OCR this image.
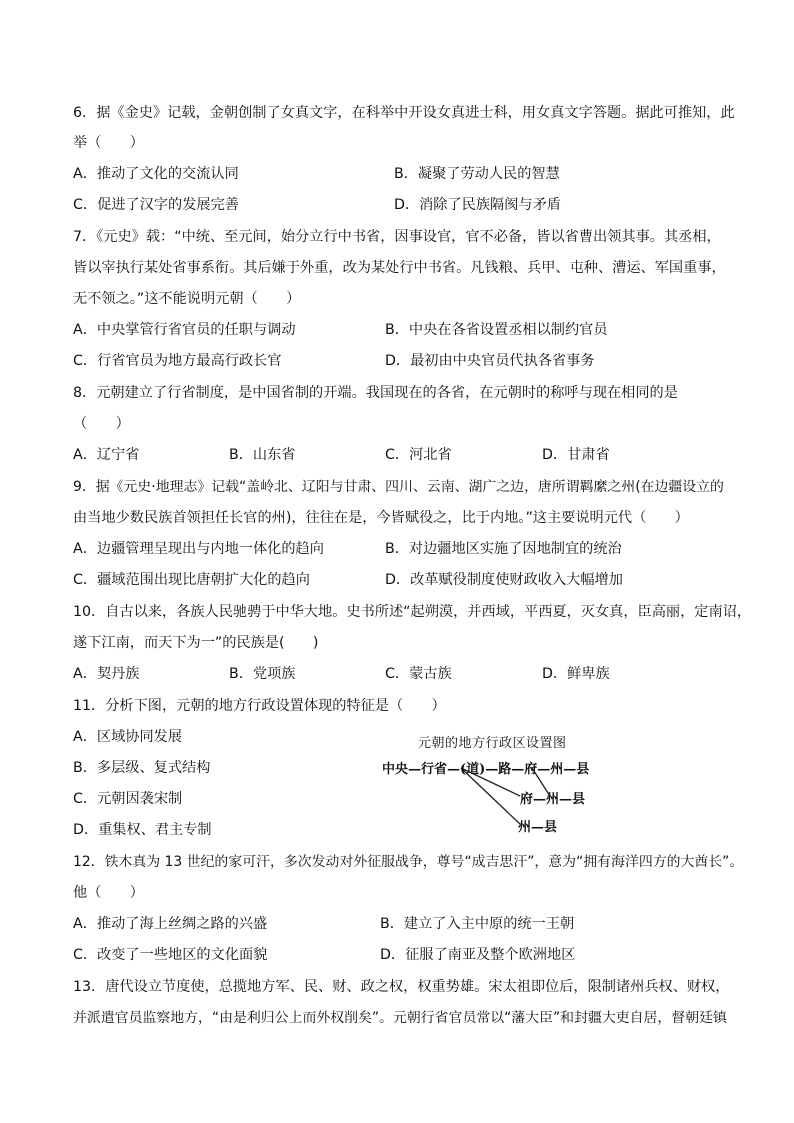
6．据《金史》记载，金朝创制了女真文字，在科举中开设女真进士科，用女真文字答题。据此可推知，此
举（　　）
A．推动了文化的交流认同	B．凝聚了劳动人民的智慧
C．促进了汉字的发展完善	D．消除了民族隔阂与矛盾
7．《元史》载：“中统、至元间，始分立行中书省，因事设官，官不必备，皆以省曹出领其事。其丞相，
皆以宰执行某处省事系衔。其后嫌于外重，改为某处行中书省。凡钱粮、兵甲、屯种、漕运、军国重事，
无不领之。”这不能说明元朝（　　）
A．中央掌管行省官员的任职与调动	B．中央在各省设置丞相以制约官员
C．行省官员为地方最高行政长官	D．最初由中央官员代执各省事务
8．元朝建立了行省制度，是中国省制的开端。我国现在的各省，在元朝时的称呼与现在相同的是
（　　）
A．辽宁省	B．山东省	C．河北省	D．甘肃省
9．据《元史·地理志》记载“盖岭北、辽阳与甘肃、四川、云南、湖广之边，唐所谓羁縻之州(在边疆设立的
由当地少数民族首领担任长官的州)，往往在是，今皆赋役之，比于内地。”这主要说明元代（　　）
A．边疆管理呈现出与内地一体化的趋向	B．对边疆地区实施了因地制宜的统治
C．疆域范围出现比唐朝扩大化的趋向	D．改革赋役制度使财政收入大幅增加
10．自古以来，各族人民驰骋于中华大地。史书所述“起朔漠，并西域，平西夏，灭女真，臣高丽，定南诏，
遂下江南，而天下为一”的民族是(　　)
A．契丹族	B．党项族	C．蒙古族	D．鲜卑族
11．分析下图，元朝的地方行政设置体现的特征是（　　）
A．区域协同发展
B．多层级、复式结构
C．元朝因袭宋制
D．重集权、君主专制
元朝的地方行政区设置图
中央—行省—(道)—路—府—州—县
府—州—县
州—县
12．铁木真为 13 世纪的家可汗，多次发动对外征服战争，尊号“成吉思汗”，意为“拥有海洋四方的大酋长”。
他（　　）
A．推动了海上丝绸之路的兴盛	B．建立了入主中原的统一王朝
C．改变了一些地区的文化面貌	D．征服了南亚及整个欧洲地区
13．唐代设立节度使，总揽地方军、民、财、政之权，权重势雄。宋太祖即位后，限制诸州兵权、财权，
并派遣官员监察地方，“由是利归公上而外权削矣”。元朝行省官员常以“藩大臣”和封疆大吏自居，督朝廷镇
